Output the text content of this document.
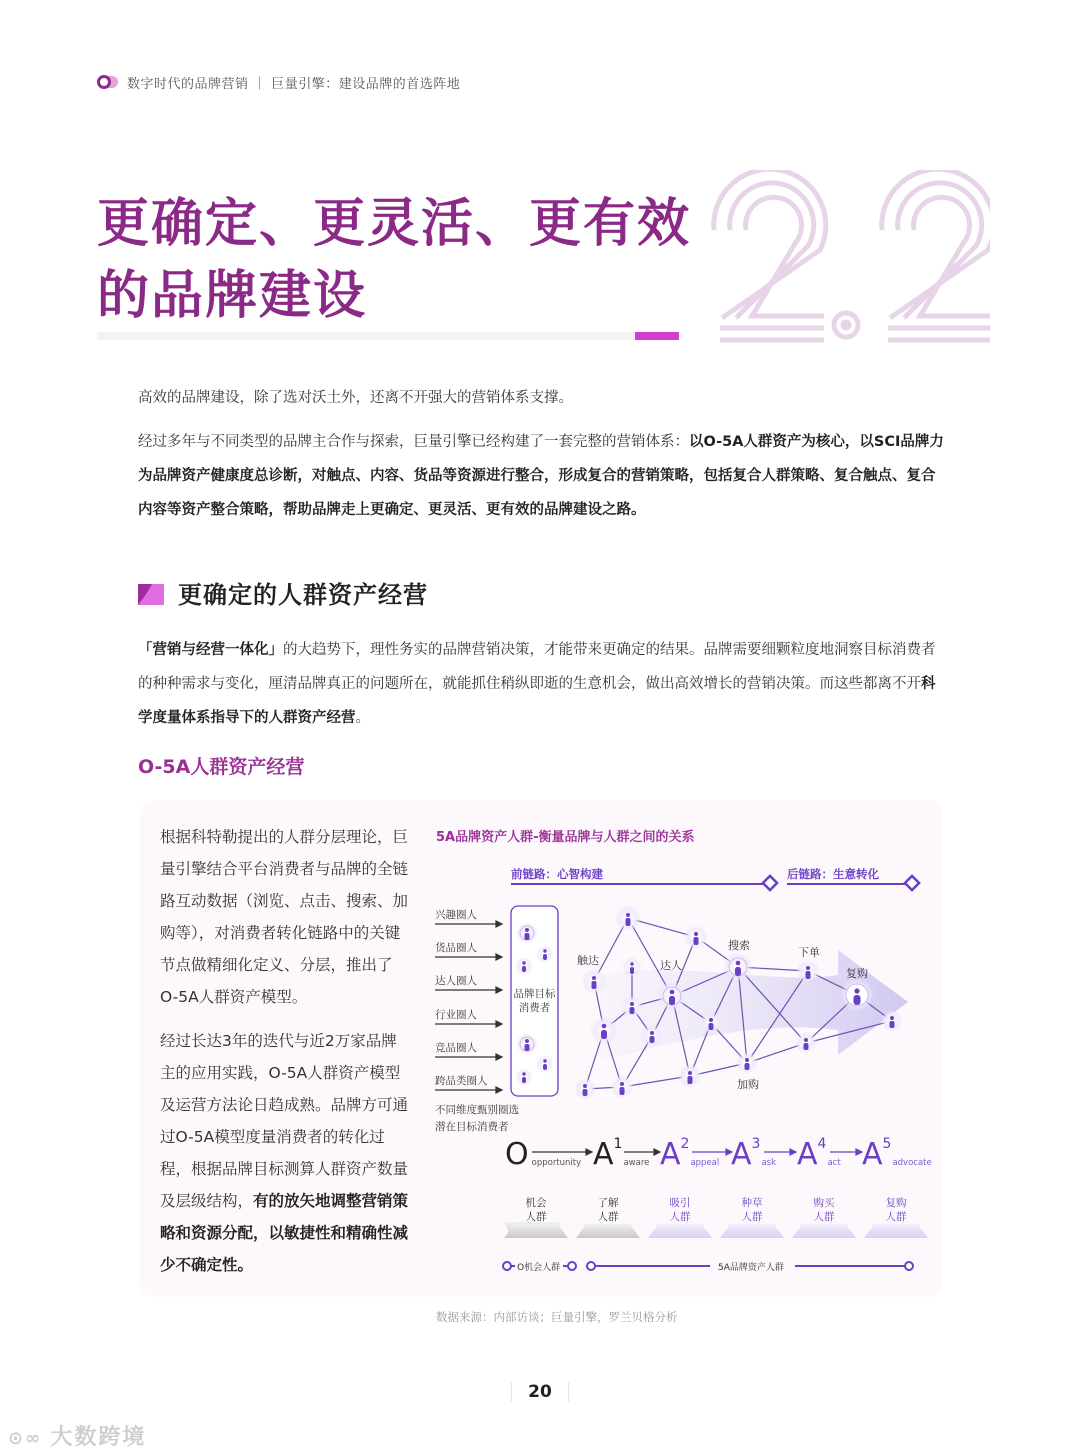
数字时代的品牌营销 ｜ 巨量引擎：建设品牌的首选阵地
更确定、更灵活、更有效
的品牌建设
2.2
高效的品牌建设，除了选对沃土外，还离不开强大的营销体系支撑。
经过多年与不同类型的品牌主合作与探索，巨量引擎已经构建了一套完整的营销体系：以O-5A人群资产为核心，以SCI品牌力为品牌资产健康度总诊断，对触点、内容、货品等资源进行整合，形成复合的营销策略，包括复合人群策略、复合触点、复合内容等资产整合策略，帮助品牌走上更确定、更灵活、更有效的品牌建设之路。
更确定的人群资产经营
「营销与经营一体化」的大趋势下，理性务实的品牌营销决策，才能带来更确定的结果。品牌需要细颗粒度地洞察目标消费者的种种需求与变化，厘清品牌真正的问题所在，就能抓住稍纵即逝的生意机会，做出高效增长的营销决策。而这些都离不开科学度量体系指导下的人群资产经营。
O-5A人群资产经营

根据科特勒提出的人群分层理论，巨量引擎结合平台消费者与品牌的全链路互动数据（浏览、点击、搜索、加购等），对消费者转化链路中的关键节点做精细化定义、分层，推出了O-5A人群资产模型。

经过长达3年的迭代与近2万家品牌主的应用实践，O-5A人群资产模型及运营方法论日趋成熟。品牌方可通过O-5A模型度量消费者的转化过程，根据品牌目标测算人群资产数量及层级结构，有的放矢地调整营销策略和资源分配，以敏捷性和精确性减少不确定性。

5A品牌资产人群-衡量品牌与人群之间的关系
前链路：心智构建	后链路：生意转化
兴趣圈人
货品圈人
达人圈人
行业圈人
竞品圈人
跨品类圈人
不同维度甄别圈选
潜在目标消费者
品牌目标
消费者
触达	达人
搜索
下单
复购
加购
O opportunity A 1
aware A 2
appeal A 3
ask A 4
act A 5
advocate
机会
人群
了解
人群
吸引
人群
种草
人群
购买
人群
复购
人群
O机会人群	5A品牌资产人群
数据来源：内部访谈；巨量引擎，罗兰贝格分析
20
⊙∞ 大数跨境
